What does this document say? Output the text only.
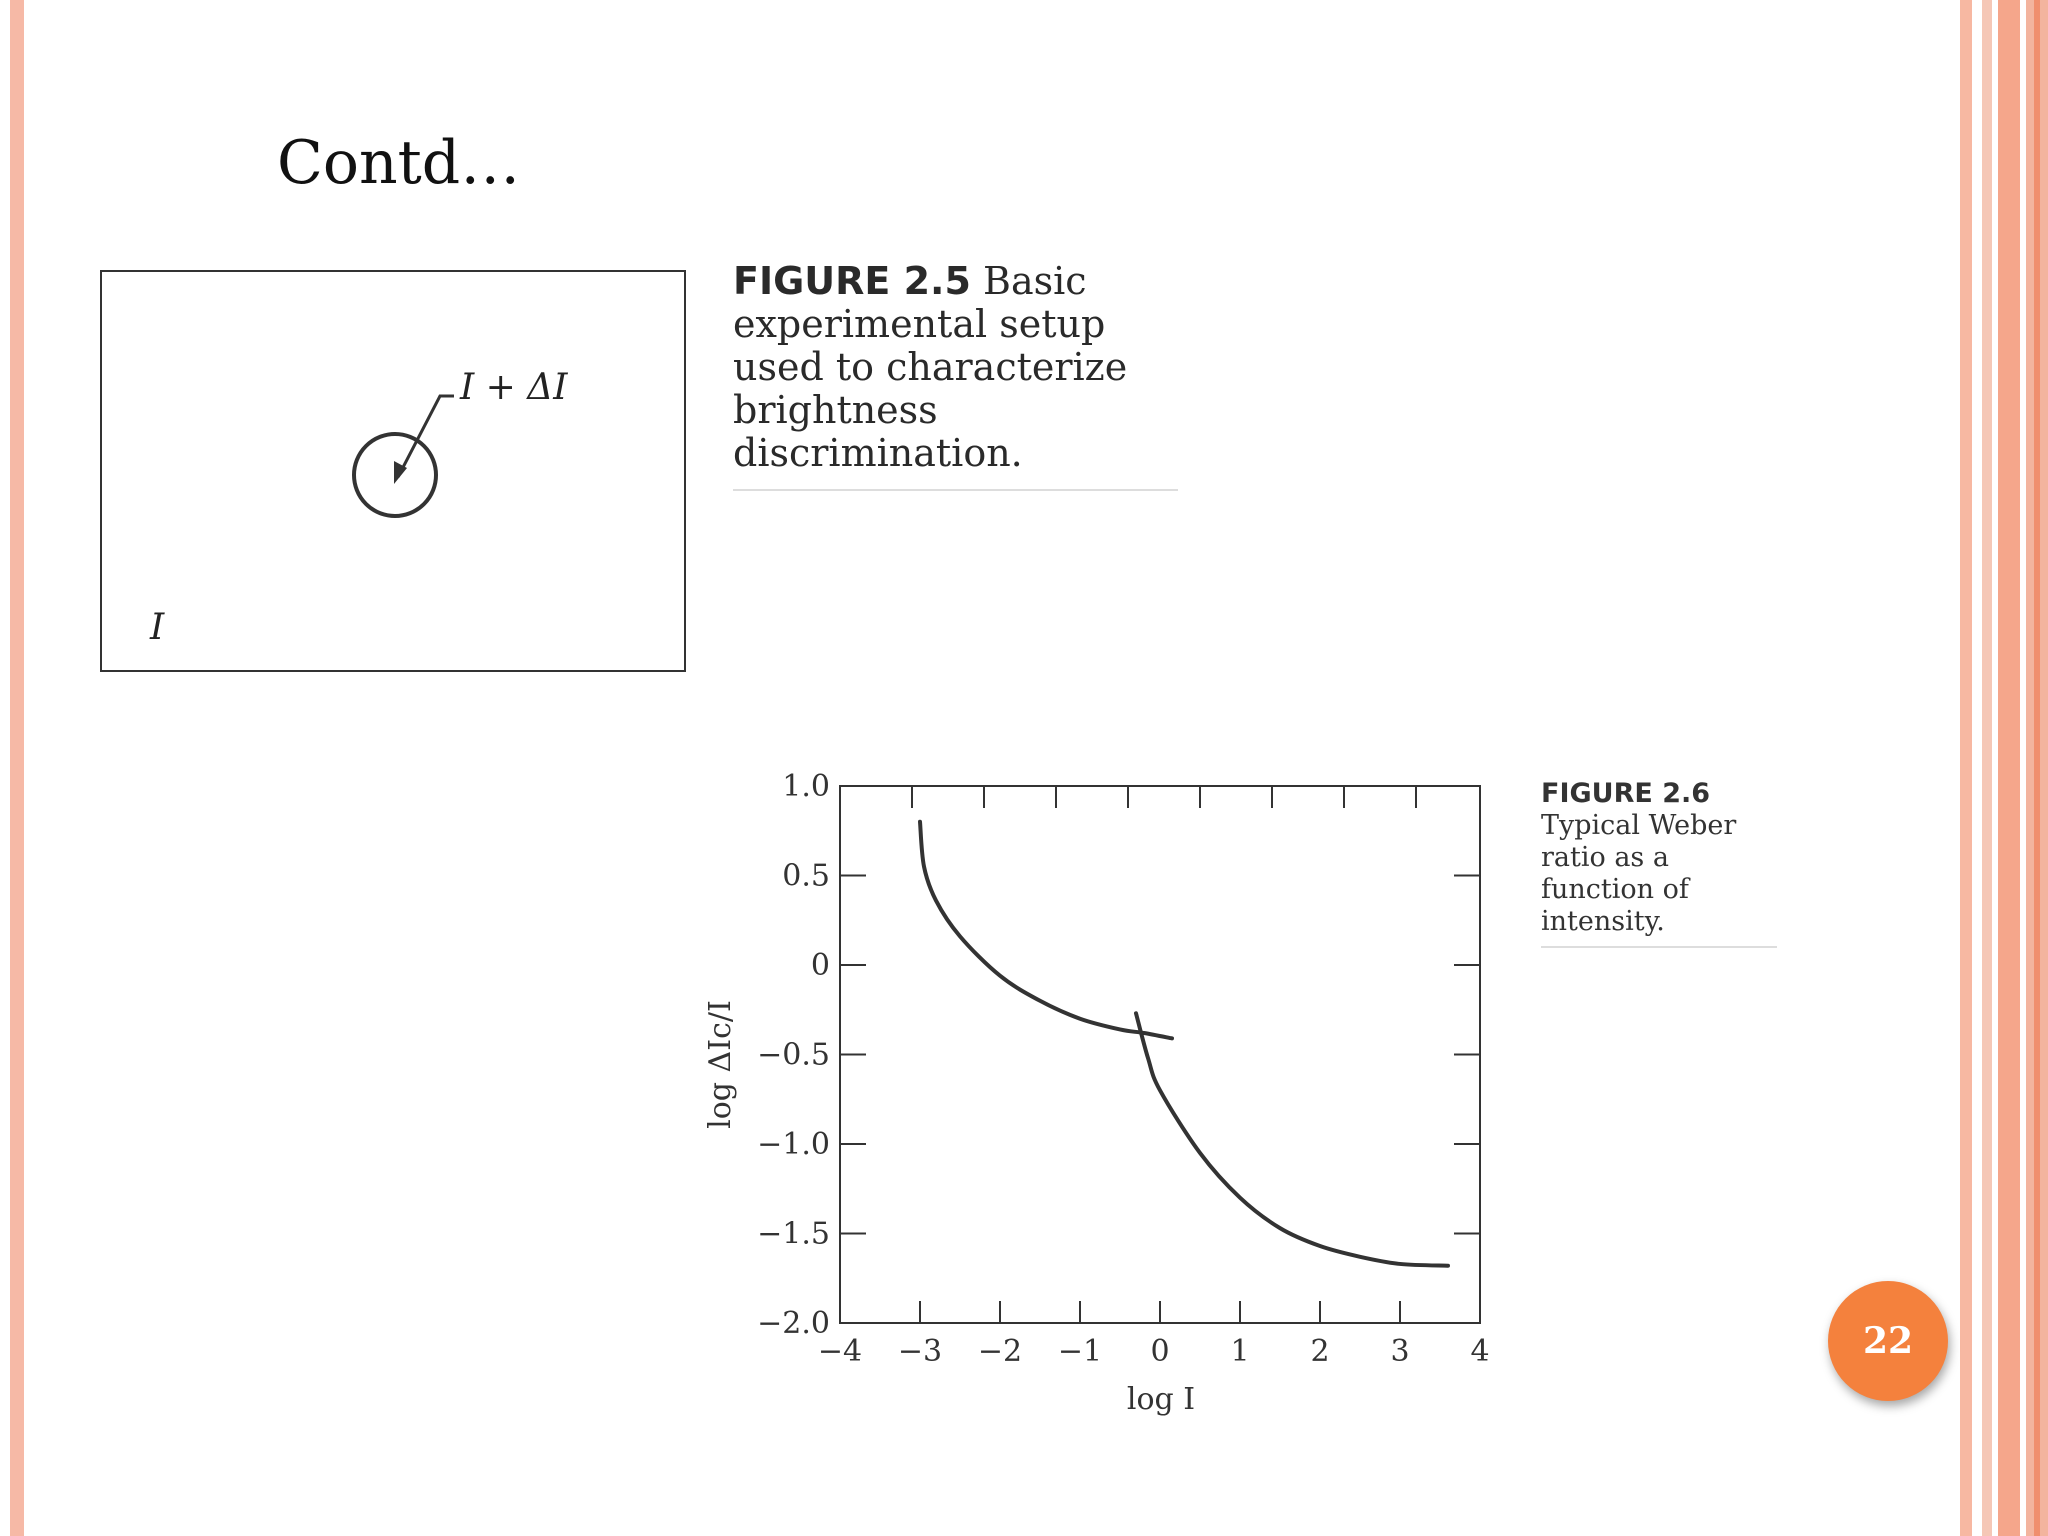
Contd…
I + ΔI
I

FIGURE 2.5 Basic experimental setup used to characterize brightness discrimination.

−4 −3 −2 −1 0 1 2 3 4
1.0
0.5
0
−0.5
−1.0
−1.5
−2.0
log I
log ΔIc/I

FIGURE 2.6
Typical Weber ratio as a function of intensity.

22
